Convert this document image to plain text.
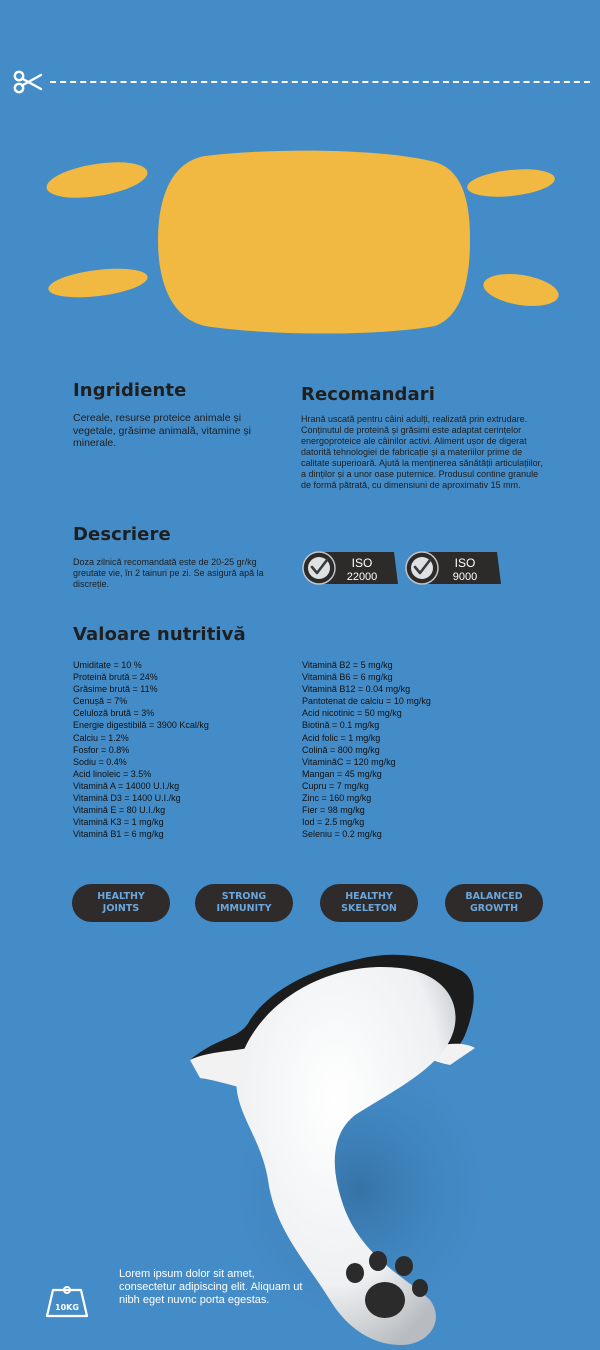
Ingridiente
Cereale, resurse proteice animale și vegetale, grăsime animală, vitamine și minerale.
Recomandari
Hrană uscată pentru câini adulți, realizată prin extrudare. Conținutul de proteină și grăsimi este adaptat cerințelor energoproteice ale câinilor activi. Aliment ușor de digerat datorită tehnologiei de fabricație și a materiilor prime de calitate superioară. Ajută la menținerea sănătății articulațiilor, a dinților și a unor oase puternice. Produsul contine granule de formă pătrată, cu dimensiuni de aproximativ 15 mm.
Descriere
Doza zilnică recomandată este de 20-25 gr/kg greutate vie, în 2 tainuri pe zi. Se asigură apă la discreție.
ISO
22000
ISO
9000
Valoare nutritivă
Umiditate = 10 %
Proteină brută = 24%
Grăsime brută = 11%
Cenușă = 7%
Celuloză brută = 3%
Energie digestibilă = 3900 Kcal/kg
Calciu = 1.2%
Fosfor = 0.8%
Sodiu = 0.4%
Acid linoleic = 3.5%
Vitamină A = 14000 U.I./kg
Vitamină D3 = 1400 U.I./kg
Vitamină E = 80 U.I./kg
Vitamină K3 = 1 mg/kg
Vitamină B1 = 6 mg/kg
Vitamină B2 = 5 mg/kg
Vitamină B6 = 6 mg/kg
Vitamină B12 = 0.04 mg/kg
Pantotenat de calciu = 10 mg/kg
Acid nicotinic = 50 mg/kg
Biotină = 0.1 mg/kg
Acid folic = 1 mg/kg
Colină = 800 mg/kg
VitaminăC = 120 mg/kg
Mangan = 45 mg/kg
Cupru = 7 mg/kg
Zinc = 160 mg/kg
Fier = 98 mg/kg
Iod = 2.5 mg/kg
Seleniu = 0.2 mg/kg
HEALTHY
JOINTS
STRONG
IMMUNITY
HEALTHY
SKELETON
BALANCED
GROWTH
10KG
Lorem ipsum dolor sit amet, consectetur adipiscing elit. Aliquam ut nibh eget nuvnc porta egestas.
